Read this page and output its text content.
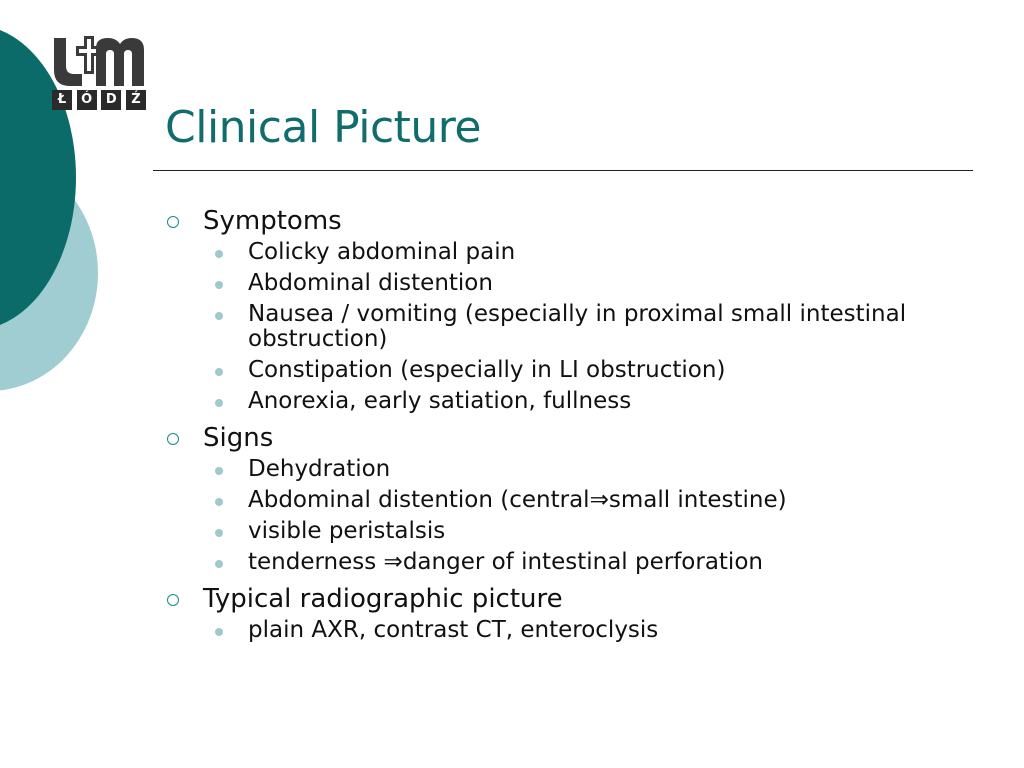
Ł	Ó	D	Ź
Clinical Picture
Symptoms
Colicky abdominal pain
Abdominal distention
Nausea / vomiting (especially in proximal small intestinal obstruction)
Constipation (especially in LI obstruction)
Anorexia, early satiation, fullness
Signs
Dehydration
Abdominal distention (central⇒small intestine)
visible peristalsis
tenderness ⇒danger of intestinal perforation
Typical radiographic picture
plain AXR, contrast CT, enteroclysis
